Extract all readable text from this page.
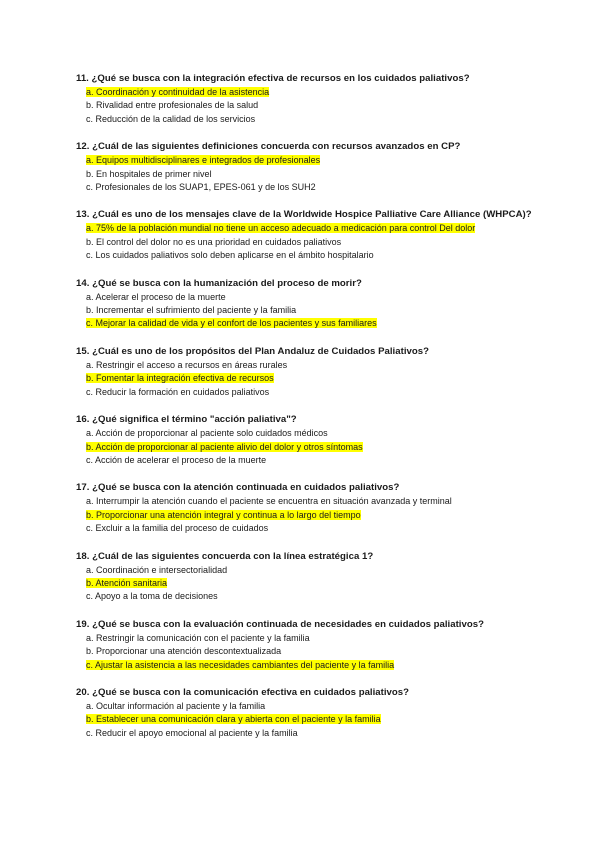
11. ¿Qué se busca con la integración efectiva de recursos en los cuidados paliativos?

a. Coordinación y continuidad de la asistencia
b. Rivalidad entre profesionales de la salud
c. Reducción de la calidad de los servicios

12. ¿Cuál de las siguientes definiciones concuerda con recursos avanzados en CP?

a. Equipos multidisciplinares e integrados de profesionales
b. En hospitales de primer nivel
c. Profesionales de los SUAP1, EPES-061 y de los SUH2

13. ¿Cuál es uno de los mensajes clave de la Worldwide Hospice Palliative Care Alliance (WHPCA)?

a. 75% de la población mundial no tiene un acceso adecuado a medicación para control Del dolor
b. El control del dolor no es una prioridad en cuidados paliativos
c. Los cuidados paliativos solo deben aplicarse en el ámbito hospitalario

14. ¿Qué se busca con la humanización del proceso de morir?

a. Acelerar el proceso de la muerte
b. Incrementar el sufrimiento del paciente y la familia
c. Mejorar la calidad de vida y el confort de los pacientes y sus familiares

15. ¿Cuál es uno de los propósitos del Plan Andaluz de Cuidados Paliativos?

a. Restringir el acceso a recursos en áreas rurales
b. Fomentar la integración efectiva de recursos
c. Reducir la formación en cuidados paliativos

16. ¿Qué significa el término "acción paliativa"?

a. Acción de proporcionar al paciente solo cuidados médicos
b. Acción de proporcionar al paciente alivio del dolor y otros síntomas
c. Acción de acelerar el proceso de la muerte

17. ¿Qué se busca con la atención continuada en cuidados paliativos?

a. Interrumpir la atención cuando el paciente se encuentra en situación avanzada y terminal
b. Proporcionar una atención integral y continua a lo largo del tiempo
c. Excluir a la familia del proceso de cuidados

18. ¿Cuál de las siguientes concuerda con la línea estratégica 1?

a. Coordinación e intersectorialidad
b. Atención sanitaria
c. Apoyo a la toma de decisiones

19. ¿Qué se busca con la evaluación continuada de necesidades en cuidados paliativos?

a. Restringir la comunicación con el paciente y la familia
b. Proporcionar una atención descontextualizada
c. Ajustar la asistencia a las necesidades cambiantes del paciente y la familia

20. ¿Qué se busca con la comunicación efectiva en cuidados paliativos?

a. Ocultar información al paciente y la familia
b. Establecer una comunicación clara y abierta con el paciente y la familia
c. Reducir el apoyo emocional al paciente y la familia
